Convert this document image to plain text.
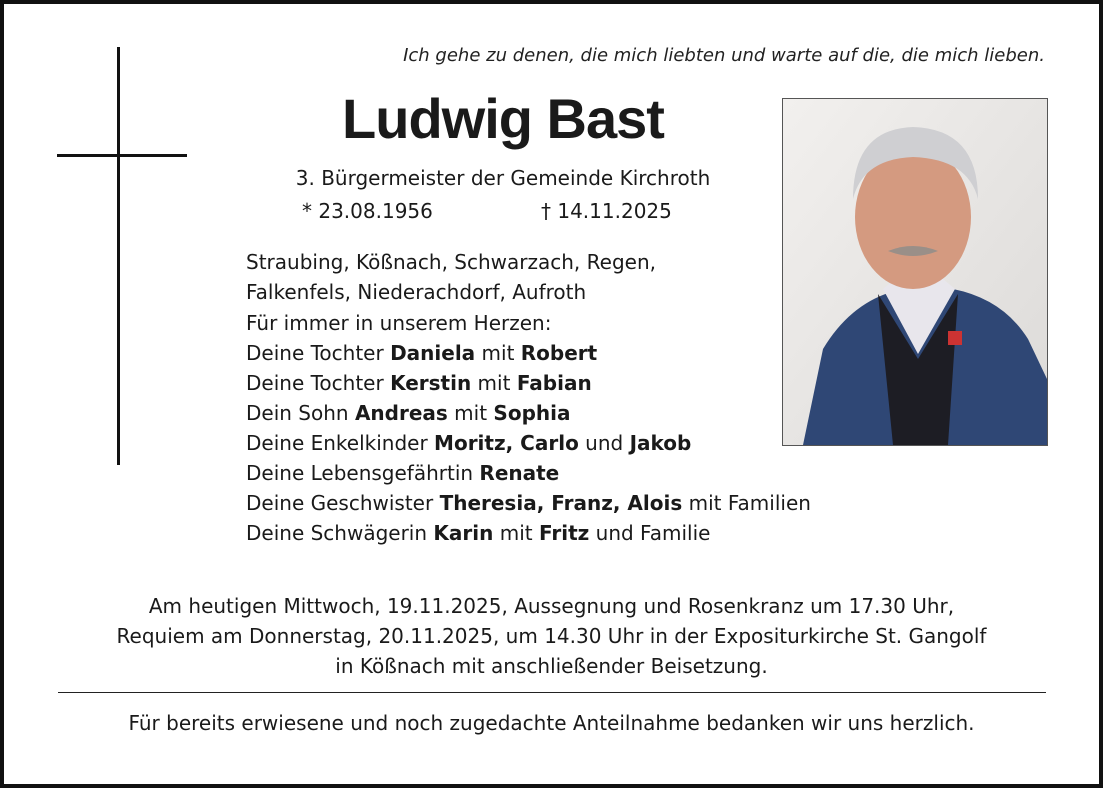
Ich gehe zu denen, die mich liebten und warte auf die, die mich lieben.
Ludwig Bast
3. Bürgermeister der Gemeinde Kirchroth
* 23.08.1956	† 14.11.2025
Straubing, Kößnach, Schwarzach, Regen,
Falkenfels, Niederachdorf, Aufroth
Für immer in unserem Herzen:
Deine Tochter Daniela mit Robert
Deine Tochter Kerstin mit Fabian
Dein Sohn Andreas mit Sophia
Deine Enkelkinder Moritz, Carlo und Jakob
Deine Lebensgefährtin Renate
Deine Geschwister Theresia, Franz, Alois mit Familien
Deine Schwägerin Karin mit Fritz und Familie
Am heutigen Mittwoch, 19.11.2025, Aussegnung und Rosenkranz um 17.30 Uhr,
Requiem am Donnerstag, 20.11.2025, um 14.30 Uhr in der Expositurkirche St. Gangolf
in Kößnach mit anschließender Beisetzung.
Für bereits erwiesene und noch zugedachte Anteilnahme bedanken wir uns herzlich.
